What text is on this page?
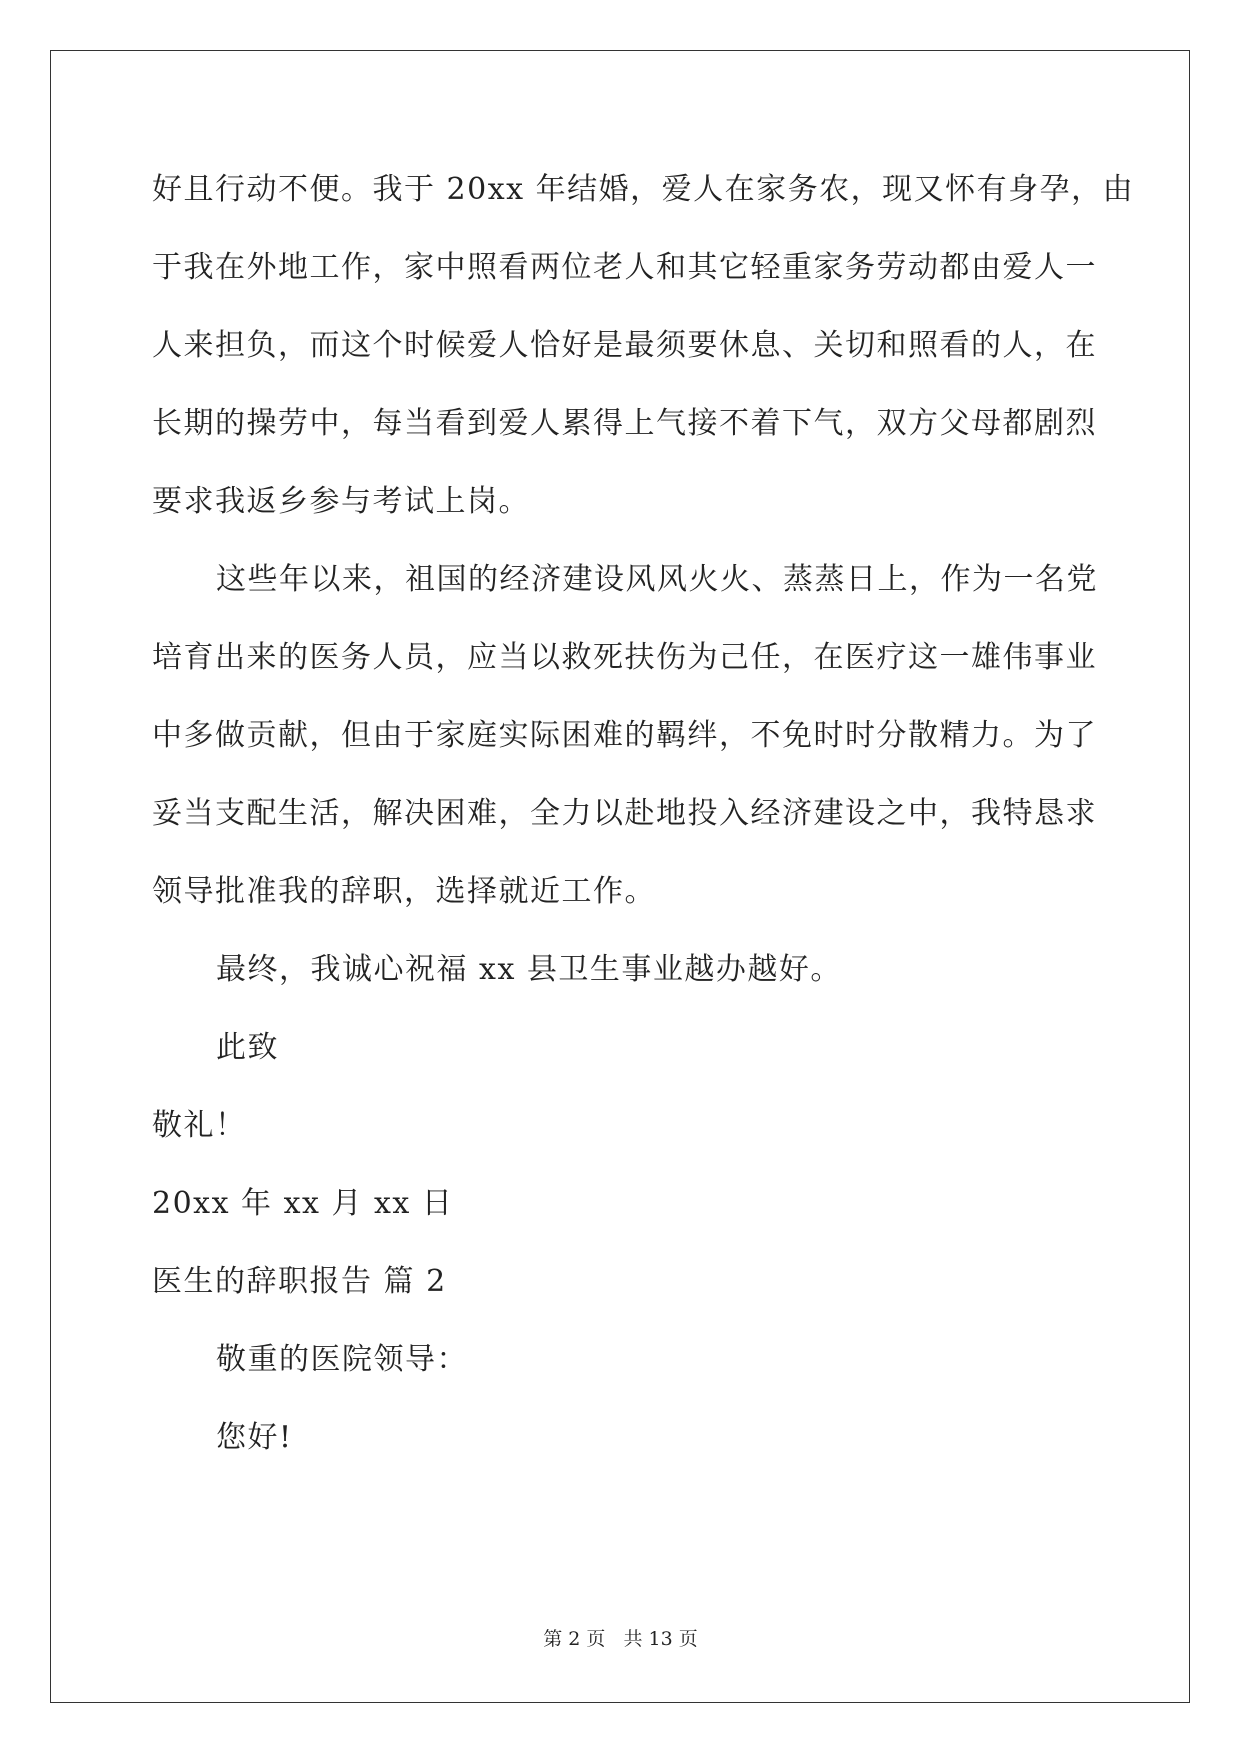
好且行动不便。我于 20xx 年结婚，爱人在家务农，现又怀有身孕，由
于我在外地工作，家中照看两位老人和其它轻重家务劳动都由爱人一
人来担负，而这个时候爱人恰好是最须要休息、关切和照看的人，在
长期的操劳中，每当看到爱人累得上气接不着下气，双方父母都剧烈
要求我返乡参与考试上岗。
这些年以来，祖国的经济建设风风火火、蒸蒸日上，作为一名党
培育出来的医务人员，应当以救死扶伤为己任，在医疗这一雄伟事业
中多做贡献，但由于家庭实际困难的羁绊，不免时时分散精力。为了
妥当支配生活，解决困难，全力以赴地投入经济建设之中，我特恳求
领导批准我的辞职，选择就近工作。
最终，我诚心祝福 xx 县卫生事业越办越好。
此致
敬礼！
20xx 年 xx 月 xx 日
医生的辞职报告 篇 2
敬重的医院领导：
您好!
第 2 页 共 13 页
